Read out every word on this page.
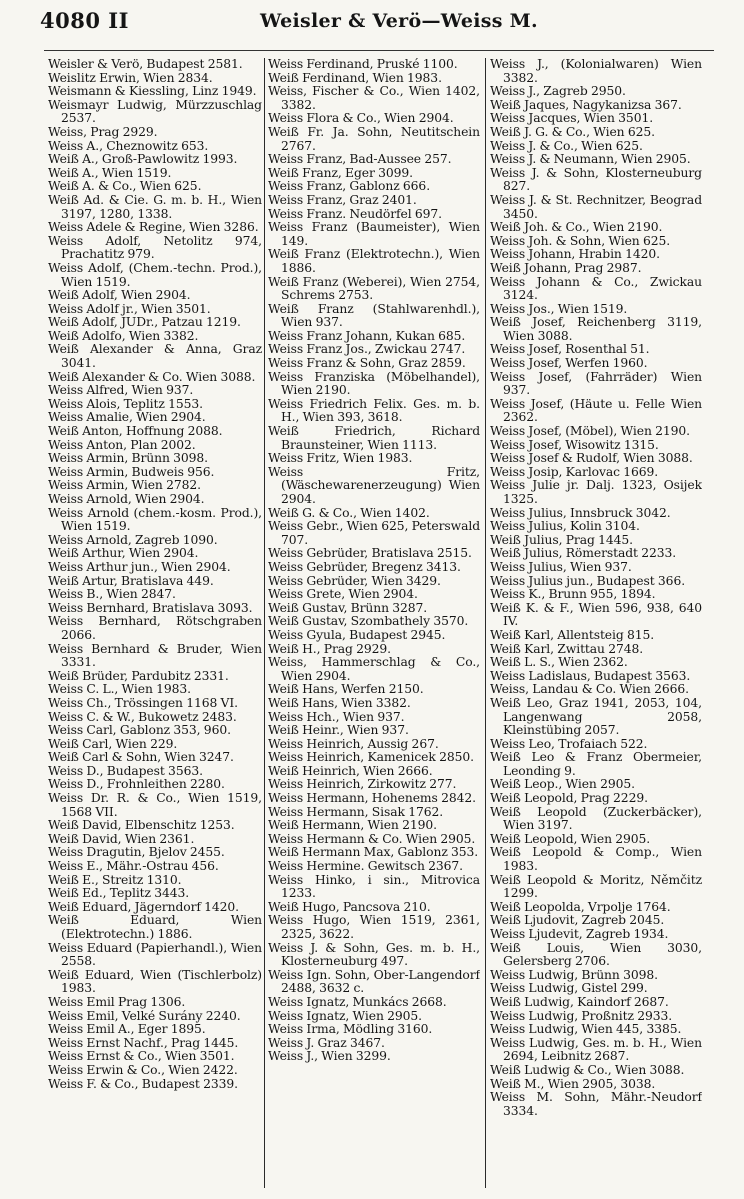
4080 II	Weisler & Verö—Weiss M.
Weisler & Verö, Budapest 2581.
Weislitz Erwin, Wien 2834.
Weismann & Kiessling, Linz 1949.
Weismayr Ludwig, Mürzzuschlag 2537.
Weiss, Prag 2929.
Weiss A., Cheznowitz 653.
Weiß A., Groß-Pawlowitz 1993.
Weiß A., Wien 1519.
Weiß A. & Co., Wien 625.
Weiß Ad. & Cie. G. m. b. H., Wien 3197, 1280, 1338.
Weiss Adele & Regine, Wien 3286.
Weiss Adolf, Netolitz 974, Prachatitz 979.
Weiss Adolf, (Chem.-techn. Prod.), Wien 1519.
Weiß Adolf, Wien 2904.
Weiss Adolf jr., Wien 3501.
Weiß Adolf, JUDr., Patzau 1219.
Weiß Adolfo, Wien 3382.
Weiß Alexander & Anna, Graz 3041.
Weiß Alexander & Co. Wien 3088.
Weiss Alfred, Wien 937.
Weiss Alois, Teplitz 1553.
Weiss Amalie, Wien 2904.
Weiß Anton, Hoffnung 2088.
Weiss Anton, Plan 2002.
Weiss Armin, Brünn 3098.
Weiss Armin, Budweis 956.
Weiss Armin, Wien 2782.
Weiss Arnold, Wien 2904.
Weiss Arnold (chem.-kosm. Prod.), Wien 1519.
Weiss Arnold, Zagreb 1090.
Weiß Arthur, Wien 2904.
Weiss Arthur jun., Wien 2904.
Weiß Artur, Bratislava 449.
Weiss B., Wien 2847.
Weiss Bernhard, Bratislava 3093.
Weiss Bernhard, Rötschgraben 2066.
Weiss Bernhard & Bruder, Wien 3331.
Weiß Brüder, Pardubitz 2331.
Weiss C. L., Wien 1983.
Weiss Ch., Trössingen 1168 VI.
Weiss C. & W., Bukowetz 2483.
Weiss Carl, Gablonz 353, 960.
Weiß Carl, Wien 229.
Weiß Carl & Sohn, Wien 3247.
Weiss D., Budapest 3563.
Weiss D., Frohnleithen 2280.
Weiss Dr. R. & Co., Wien 1519, 1568 VII.
Weiß David, Elbenschitz 1253.
Weiß David, Wien 2361.
Weiss Dragutin, Bjelov 2455.
Weiss E., Mähr.-Ostrau 456.
Weiß E., Streitz 1310.
Weiß Ed., Teplitz 3443.
Weiß Eduard, Jägerndorf 1420.
Weiß Eduard, Wien (Elektrotechn.) 1886.
Weiss Eduard (Papierhandl.), Wien 2558.
Weiß Eduard, Wien (Tischlerbolz) 1983.
Weiss Emil Prag 1306.
Weiss Emil, Velké Surány 2240.
Weiss Emil A., Eger 1895.
Weiss Ernst Nachf., Prag 1445.
Weiss Ernst & Co., Wien 3501.
Weiss Erwin & Co., Wien 2422.
Weiss F. & Co., Budapest 2339.
Weiss Ferdinand, Pruské 1100.
Weiß Ferdinand, Wien 1983.
Weiss, Fischer & Co., Wien 1402, 3382.
Weiss Flora & Co., Wien 2904.
Weiß Fr. Ja. Sohn, Neutitschein 2767.
Weiss Franz, Bad-Aussee 257.
Weiß Franz, Eger 3099.
Weiss Franz, Gablonz 666.
Weiss Franz, Graz 2401.
Weiss Franz. Neudörfel 697.
Weiss Franz (Baumeister), Wien 149.
Weiß Franz (Elektrotechn.), Wien 1886.
Weiß Franz (Weberei), Wien 2754, Schrems 2753.
Weiß Franz (Stahlwarenhdl.), Wien 937.
Weiss Franz Johann, Kukan 685.
Weiss Franz Jos., Zwickau 2747.
Weiss Franz & Sohn, Graz 2859.
Weiss Franziska (Möbelhandel), Wien 2190.
Weiss Friedrich Felix. Ges. m. b. H., Wien 393, 3618.
Weiß Friedrich, Richard Braunsteiner, Wien 1113.
Weiss Fritz, Wien 1983.
Weiss Fritz, (Wäschewarenerzeugung) Wien 2904.
Weiß G. & Co., Wien 1402.
Weiss Gebr., Wien 625, Peterswald 707.
Weiss Gebrüder, Bratislava 2515.
Weiss Gebrüder, Bregenz 3413.
Weiss Gebrüder, Wien 3429.
Weiss Grete, Wien 2904.
Weiß Gustav, Brünn 3287.
Weiß Gustav, Szombathely 3570.
Weiss Gyula, Budapest 2945.
Weiß H., Prag 2929.
Weiss, Hammerschlag & Co., Wien 2904.
Weiß Hans, Werfen 2150.
Weiß Hans, Wien 3382.
Weiss Hch., Wien 937.
Weiß Heinr., Wien 937.
Weiss Heinrich, Aussig 267.
Weiss Heinrich, Kamenicek 2850.
Weiß Heinrich, Wien 2666.
Weiss Heinrich, Zirkowitz 277.
Weiss Hermann, Hohenems 2842.
Weiss Hermann, Sisak 1762.
Weiß Hermann, Wien 2190.
Weiss Hermann & Co. Wien 2905.
Weiß Hermann Max, Gablonz 353.
Weiss Hermine. Gewitsch 2367.
Weiss Hinko, i sin., Mitrovica 1233.
Weiß Hugo, Pancsova 210.
Weiss Hugo, Wien 1519, 2361, 2325, 3622.
Weiss J. & Sohn, Ges. m. b. H., Klosterneuburg 497.
Weiss Ign. Sohn, Ober-Langendorf 2488, 3632 c.
Weiss Ignatz, Munkács 2668.
Weiss Ignatz, Wien 2905.
Weiss Irma, Mödling 3160.
Weiss J. Graz 3467.
Weiss J., Wien 3299.
Weiss J., (Kolonialwaren) Wien 3382.
Weiss J., Zagreb 2950.
Weiß Jaques, Nagykanizsa 367.
Weiss Jacques, Wien 3501.
Weiß J. G. & Co., Wien 625.
Weiss J. & Co., Wien 625.
Weiss J. & Neumann, Wien 2905.
Weiss J. & Sohn, Klosterneuburg 827.
Weiss J. & St. Rechnitzer, Beograd 3450.
Weiß Joh. & Co., Wien 2190.
Weiss Joh. & Sohn, Wien 625.
Weiss Johann, Hrabin 1420.
Weiß Johann, Prag 2987.
Weiss Johann & Co., Zwickau 3124.
Weiss Jos., Wien 1519.
Weiß Josef, Reichenberg 3119, Wien 3088.
Weiss Josef, Rosenthal 51.
Weiss Josef, Werfen 1960.
Weiss Josef, (Fahrräder) Wien 937.
Weiss Josef, (Häute u. Felle Wien 2362.
Weiss Josef, (Möbel), Wien 2190.
Weiss Josef, Wisowitz 1315.
Weiss Josef & Rudolf, Wien 3088.
Weiss Josip, Karlovac 1669.
Weiss Julie jr. Dalj. 1323, Osijek 1325.
Weiss Julius, Innsbruck 3042.
Weiss Julius, Kolin 3104.
Weiß Julius, Prag 1445.
Weiß Julius, Römerstadt 2233.
Weiss Julius, Wien 937.
Weiss Julius jun., Budapest 366.
Weiss K., Brunn 955, 1894.
Weiß K. & F., Wien 596, 938, 640 IV.
Weiß Karl, Allentsteig 815.
Weiß Karl, Zwittau 2748.
Weiß L. S., Wien 2362.
Weiss Ladislaus, Budapest 3563.
Weiss, Landau & Co. Wien 2666.
Weiß Leo, Graz 1941, 2053, 104, Langenwang 2058, Kleinstübing 2057.
Weiss Leo, Trofaiach 522.
Weiß Leo & Franz Obermeier, Leonding 9.
Weiß Leop., Wien 2905.
Weiß Leopold, Prag 2229.
Weiß Leopold (Zuckerbäcker), Wien 3197.
Weiß Leopold, Wien 2905.
Weiß Leopold & Comp., Wien 1983.
Weiß Leopold & Moritz, Němčitz 1299.
Weiß Leopolda, Vrpolje 1764.
Weiß Ljudovit, Zagreb 2045.
Weiss Ljudevit, Zagreb 1934.
Weiß Louis, Wien 3030, Gelersberg 2706.
Weiss Ludwig, Brünn 3098.
Weiss Ludwig, Gistel 299.
Weiß Ludwig, Kaindorf 2687.
Weiss Ludwig, Proßnitz 2933.
Weiss Ludwig, Wien 445, 3385.
Weiss Ludwig, Ges. m. b. H., Wien 2694, Leibnitz 2687.
Weiß Ludwig & Co., Wien 3088.
Weiß M., Wien 2905, 3038.
Weiss M. Sohn, Mähr.-Neudorf 3334.
